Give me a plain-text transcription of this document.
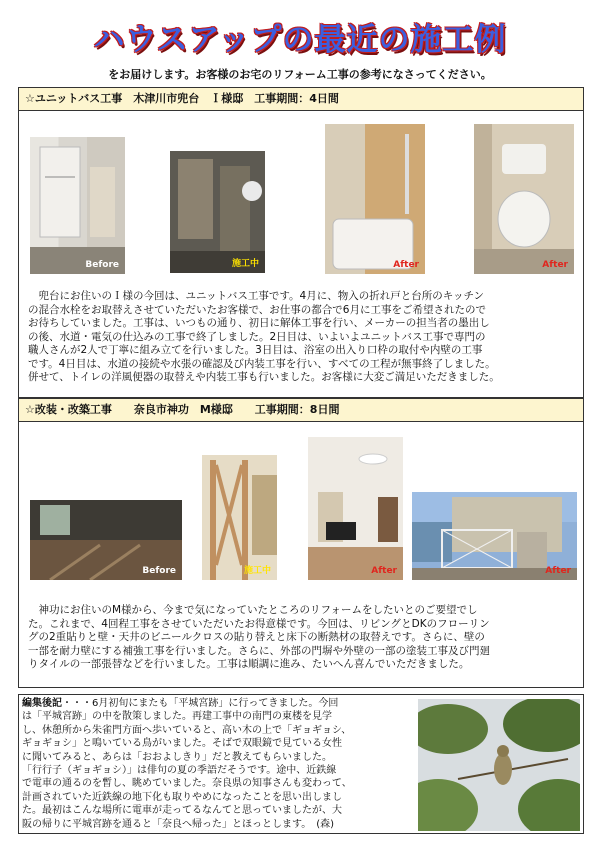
ハウスアップの最近の施工例
をお届けします。お客様のお宅のリフォーム工事の参考になさってください。
☆ユニットバス工事　木津川市兜台　Ｉ様邸　工事期間：4日間
Before	施工中	After	After
　兜台にお住いのＩ様の今回は、ユニットバス工事です。4月に、物入の折れ戸と台所のキッチン
の混合水栓をお取替えさせていただいたお客様で、お仕事の都合で6月に工事をご希望されたので
お待ちしていました。工事は、いつもの通り、初日に解体工事を行い、メーカーの担当者の墨出し
の後、水道・電気の仕込みの工事で終了しました。2日目は、いよいよユニットバス工事で専門の
職人さんが2人で丁寧に組み立てを行いました。3日目は、浴室の出入り口枠の取付や内壁の工事
です。4日目は、水道の接続や水張の確認及び内装工事を行い、すべての工程が無事終了しました。
併せて、トイレの洋風便器の取替えや内装工事も行いました。お客様に大変ご満足いただきました。
☆改装・改築工事　　奈良市神功　M様邸　　工事期間：8日間
Before	施工中	After	After
　神功にお住いのM様から、今まで気になっていたところのリフォームをしたいとのご要望でし
た。これまで、4回程工事をさせていただいたお得意様です。今回は、リビングとDKのフローリン
グの2重貼りと壁・天井のビニールクロスの貼り替えと床下の断熱材の取替えです。さらに、壁の
一部を耐力壁にする補強工事を行いました。さらに、外部の門塀や外壁の一部の塗装工事及び門廻
りタイルの一部張替などを行いました。工事は順調に進み、たいへん喜んでいただきました。
編集後記・・・6月初旬にまたも「平城宮跡」に行ってきました。今回
は「平城宮跡」の中を散策しました。再建工事中の南門の東楼を見学
し、休憩所から朱雀門方面へ歩いていると、高い木の上で「ギョギョシ、
ギョギョシ」と鳴いている鳥がいました。そばで双眼鏡で見ている女性
に聞いてみると、あらは「おおよしきり」だと教えてもらいました。
「行行子（ギョギョシ）」は俳句の夏の季語だそうです。途中、近鉄線
で電車の通るのを暫し、眺めていました。奈良県の知事さんも変わって、
計画されていた近鉄線の地下化も取りやめになったことを思い出しまし
た。最初はこんな場所に電車が走ってるなんてと思っていましたが、大
阪の帰りに平城宮跡を通ると「奈良へ帰った」とほっとします。　(森)
